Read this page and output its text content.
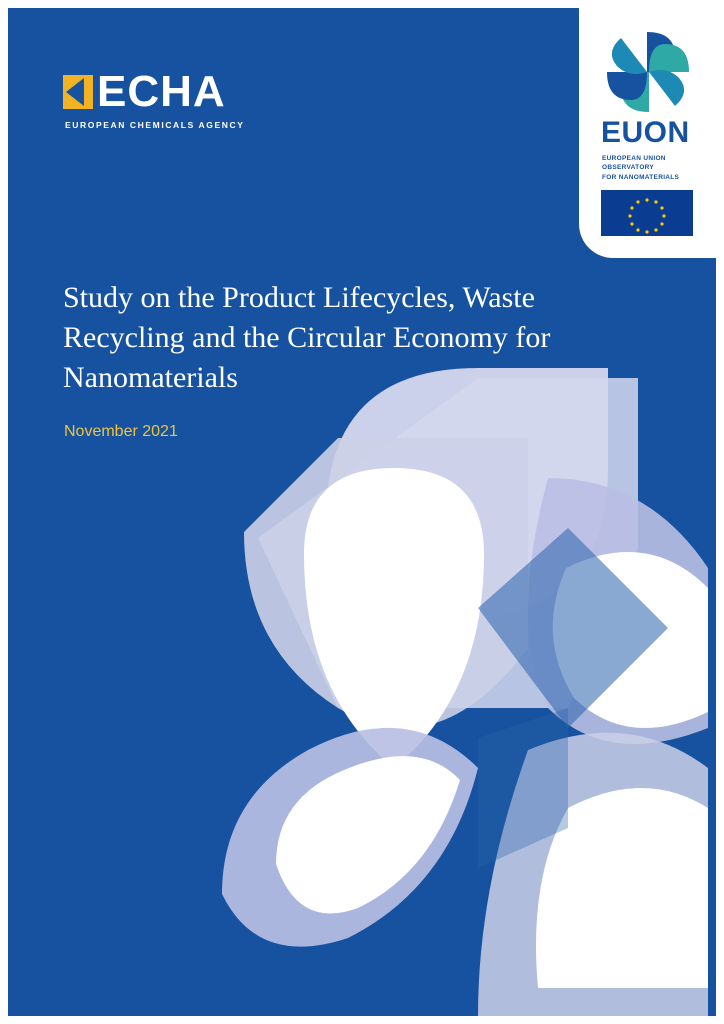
ECHA
EUROPEAN CHEMICALS AGENCY	EUON
EUROPEAN UNION
OBSERVATORY
FOR NANOMATERIALS
Study on the Product Lifecycles, Waste Recycling and the Circular Economy for Nanomaterials
November 2021
